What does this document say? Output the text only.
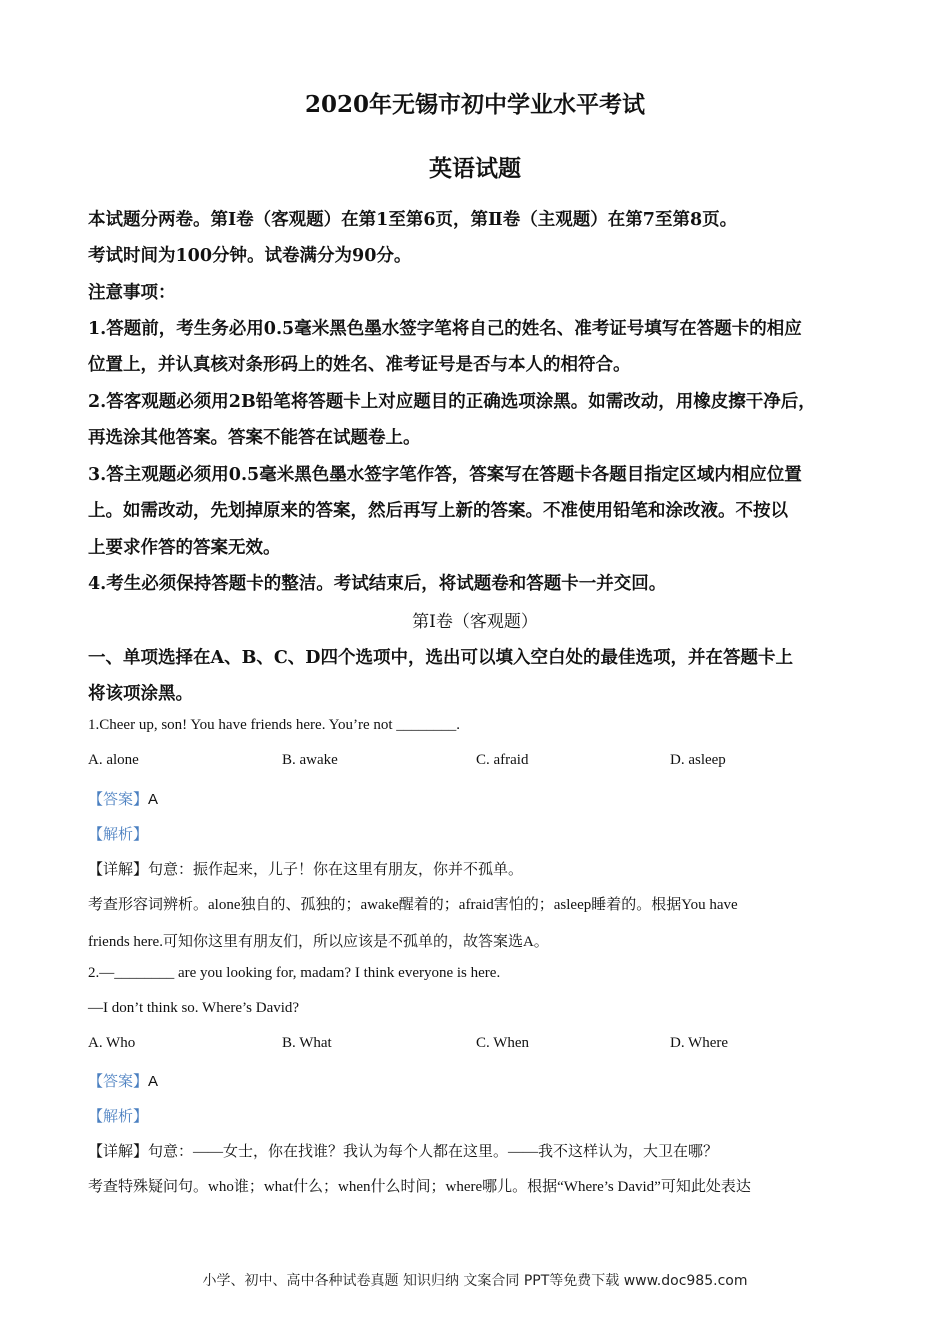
2020年无锡市初中学业水平考试
英语试题
本试题分两卷。第Ⅰ卷（客观题）在第1至第6页，第Ⅱ卷（主观题）在第7至第8页。
考试时间为100分钟。试卷满分为90分。
注意事项：
1.答题前，考生务必用0.5毫米黑色墨水签字笔将自己的姓名、准考证号填写在答题卡的相应
位置上，并认真核对条形码上的姓名、准考证号是否与本人的相符合。
2.答客观题必须用2B铅笔将答题卡上对应题目的正确选项涂黑。如需改动，用橡皮擦干净后，
再选涂其他答案。答案不能答在试题卷上。
3.答主观题必须用0.5毫米黑色墨水签字笔作答，答案写在答题卡各题目指定区域内相应位置
上。如需改动，先划掉原来的答案，然后再写上新的答案。不准使用铅笔和涂改液。不按以
上要求作答的答案无效。
4.考生必须保持答题卡的整洁。考试结束后，将试题卷和答题卡一并交回。
第Ⅰ卷（客观题）
一、单项选择在A、B、C、D四个选项中，选出可以填入空白处的最佳选项，并在答题卡上
将该项涂黑。
1.Cheer up, son! You have friends here. You’re not ________.
A. alone	B. awake	C. afraid	D. asleep
【答案】A
【解析】
【详解】句意：振作起来，儿子！你在这里有朋友，你并不孤单。
考查形容词辨析。alone独自的、孤独的；awake醒着的；afraid害怕的；asleep睡着的。根据You have
friends here.可知你这里有朋友们，所以应该是不孤单的，故答案选A。
2.—________ are you looking for, madam? I think everyone is here.
—I don’t think so. Where’s David?
A. Who	B. What	C. When	D. Where
【答案】A
【解析】
【详解】句意：——女士，你在找谁？我认为每个人都在这里。——我不这样认为，大卫在哪？
考查特殊疑问句。who谁；what什么；when什么时间；where哪儿。根据“Where’s David”可知此处表达
小学、初中、高中各种试卷真题 知识归纳 文案合同 PPT等免费下载 www.doc985.com
